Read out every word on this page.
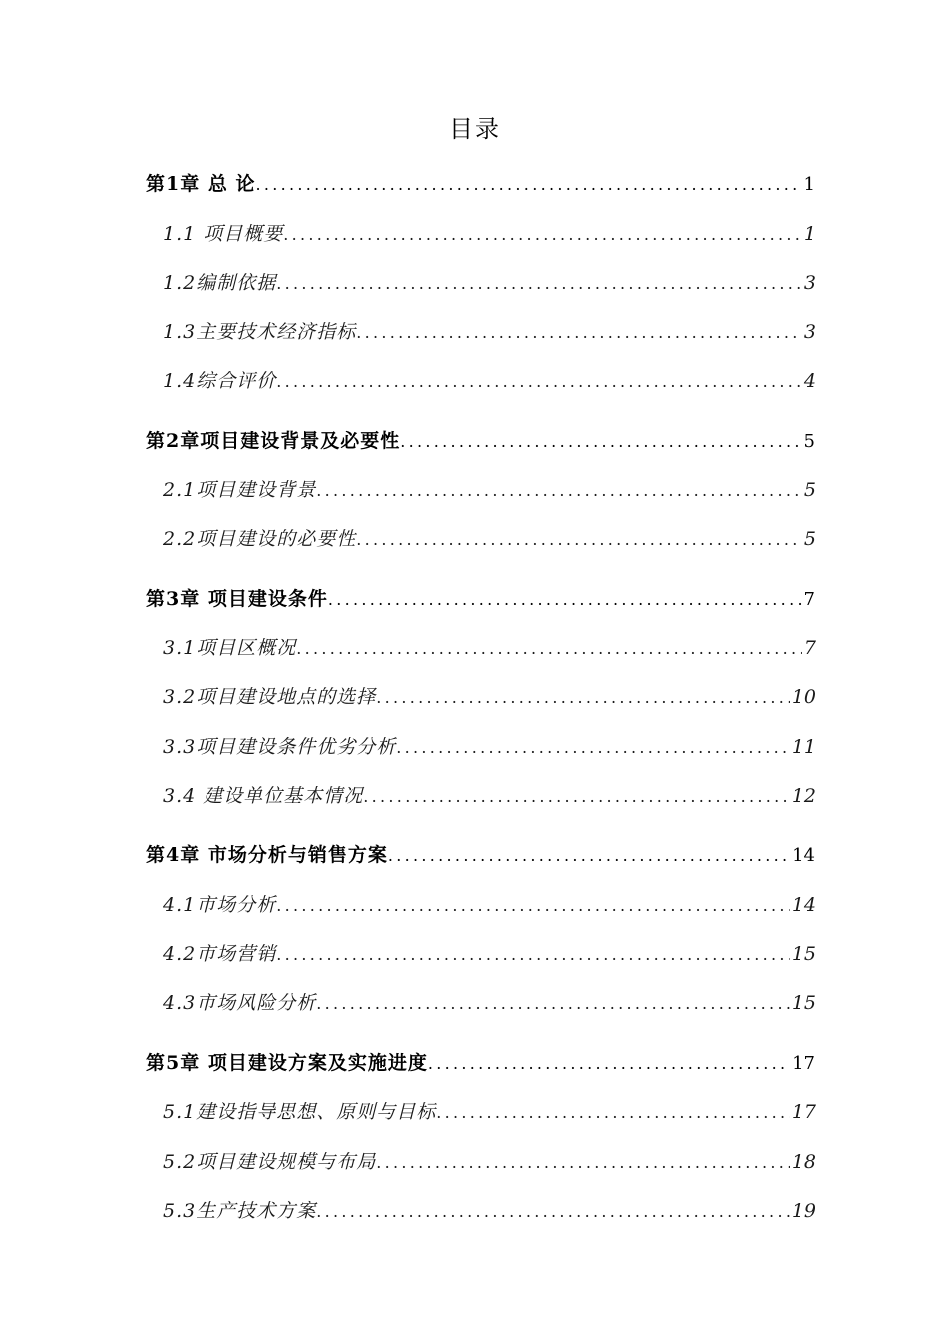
目录
第1章 总 论 .....	1
1.1 项目概要 .....	1
1.2编制依据 .....	3
1.3主要技术经济指标 .....	3
1.4综合评价 .....	4
第2章项目建设背景及必要性 .....	5
2.1项目建设背景 .....	5
2.2项目建设的必要性 .....	5
第3章 项目建设条件 .....	7
3.1项目区概况 .....	7
3.2项目建设地点的选择 .....	10
3.3项目建设条件优劣分析 .....	11
3.4 建设单位基本情况 .....	12
第4章 市场分析与销售方案 .....	14
4.1市场分析 .....	14
4.2市场营销 .....	15
4.3市场风险分析 .....	15
第5章 项目建设方案及实施进度 .....	17
5.1建设指导思想、原则与目标 .....	17
5.2项目建设规模与布局 .....	18
5.3生产技术方案 .....	19
